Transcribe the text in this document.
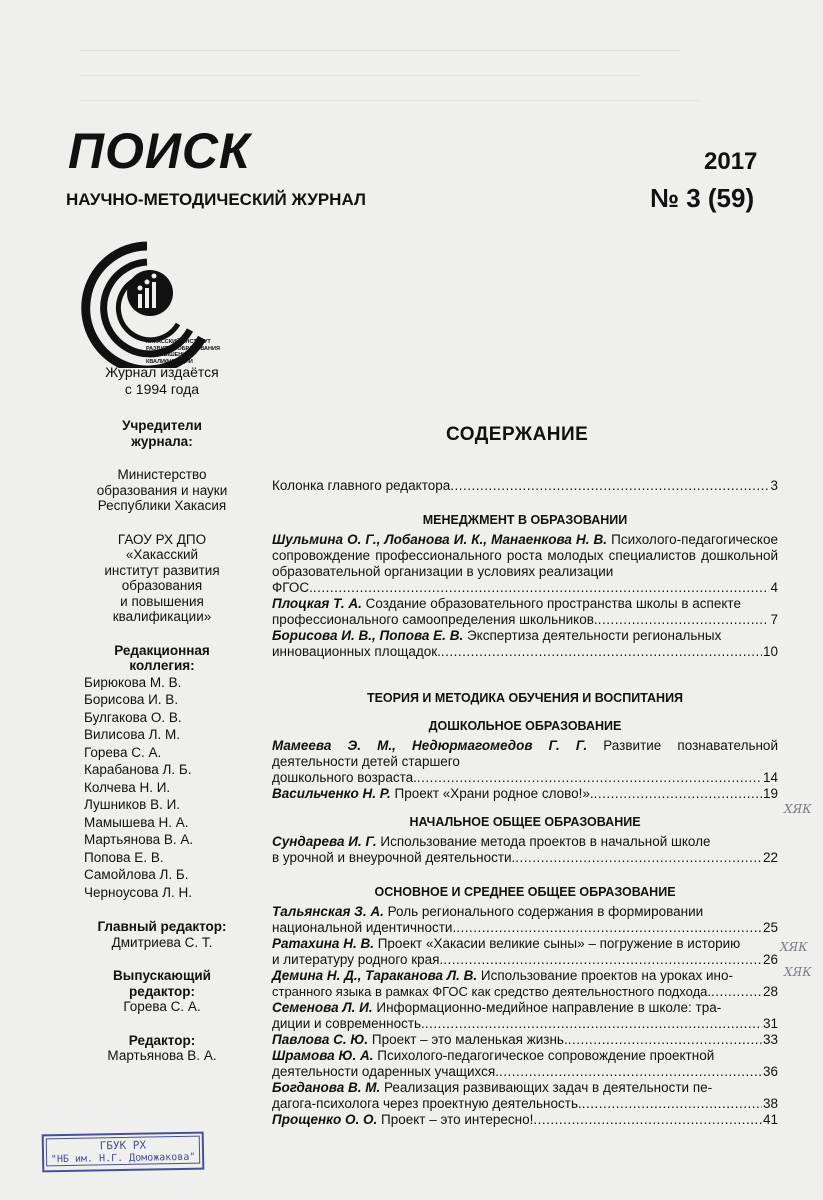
ПОИСК
НАУЧНО-МЕТОДИЧЕСКИЙ ЖУРНАЛ
2017
№ 3 (59)
ХАКАССКИЙ ИНСТИТУТ
РАЗВИТИЯ ОБРАЗОВАНИЯ
И ПОВЫШЕНИЯ КВАЛИФИКАЦИИ
Журнал издаётся
с 1994 года
Учредители
журнала:
Министерство
образования и науки
Республики Хакасия
ГАОУ РХ ДПО
«Хакасский
институт развития
образования
и повышения
квалификации»
Редакционная
коллегия:
Бирюкова М. В.
Борисова И. В.
Булгакова О. В.
Вилисова Л. М.
Горева С. А.
Карабанова Л. Б.
Колчева Н. И.
Лушников В. И.
Мамышева Н. А.
Мартьянова В. А.
Попова Е. В.
Самойлова Л. Б.
Черноусова Л. Н.
Главный редактор:
Дмитриева С. Т.
Выпускающий
редактор:
Горева С. А.
Редактор:
Мартьянова В. А.
ГБУК РХ
"НБ им. Н.Г. Доможакова"
СОДЕРЖАНИЕ
Колонка главного редактора .....	3
МЕНЕДЖМЕНТ В ОБРАЗОВАНИИ
Шульмина О. Г., Лобанова И. К., Манаенкова Н. В. Психолого-педагогическое сопровождение профессионального роста молодых специалистов дошкольной образовательной организации в условиях реализации
ФГОС. .....	4
Плоцкая Т. А. Создание образовательного пространства школы в аспекте
профессионального самоопределения школьников. .....	7
Борисова И. В., Попова Е. В. Экспертиза деятельности региональных
инновационных площадок. .....	10
ТЕОРИЯ И МЕТОДИКА ОБУЧЕНИЯ И ВОСПИТАНИЯ
ДОШКОЛЬНОЕ ОБРАЗОВАНИЕ
Мамеева Э. М., Недюрмагомедов Г. Г. Развитие познавательной деятельности детей старшего
дошкольного возраста. .....	14
Васильченко Н. Р. Проект «Храни родное слово!». .....	19
НАЧАЛЬНОЕ ОБЩЕЕ ОБРАЗОВАНИЕ
Сундарева И. Г. Использование метода проектов в начальной школе
в урочной и внеурочной деятельности. .....	22
ОСНОВНОЕ И СРЕДНЕЕ ОБЩЕЕ ОБРАЗОВАНИЕ
Тальянская З. А. Роль регионального содержания в формировании
национальной идентичности. .....	25
Ратахина Н. В. Проект «Хакасии великие сыны» – погружение в историю
и литературу родного края. .....	26
Демина Н. Д., Тараканова Л. В. Использование проектов на уроках ино-
странного языка в рамках ФГОС как средство деятельностного подхода. .....	28
Семенова Л. И. Информационно-медийное направление в школе: тра-
диции и современность. .....	31
Павлова С. Ю. Проект – это маленькая жизнь. .....	33
Шрамова Ю. А. Психолого-педагогическое сопровождение проектной
деятельности одаренных учащихся. .....	36
Богданова В. М. Реализация развивающих задач в деятельности пе-
дагога-психолога через проектную деятельность. .....	38
Прощенко О. О. Проект – это интересно! .....	41
ХЯК
ХЯК
ХЯК
